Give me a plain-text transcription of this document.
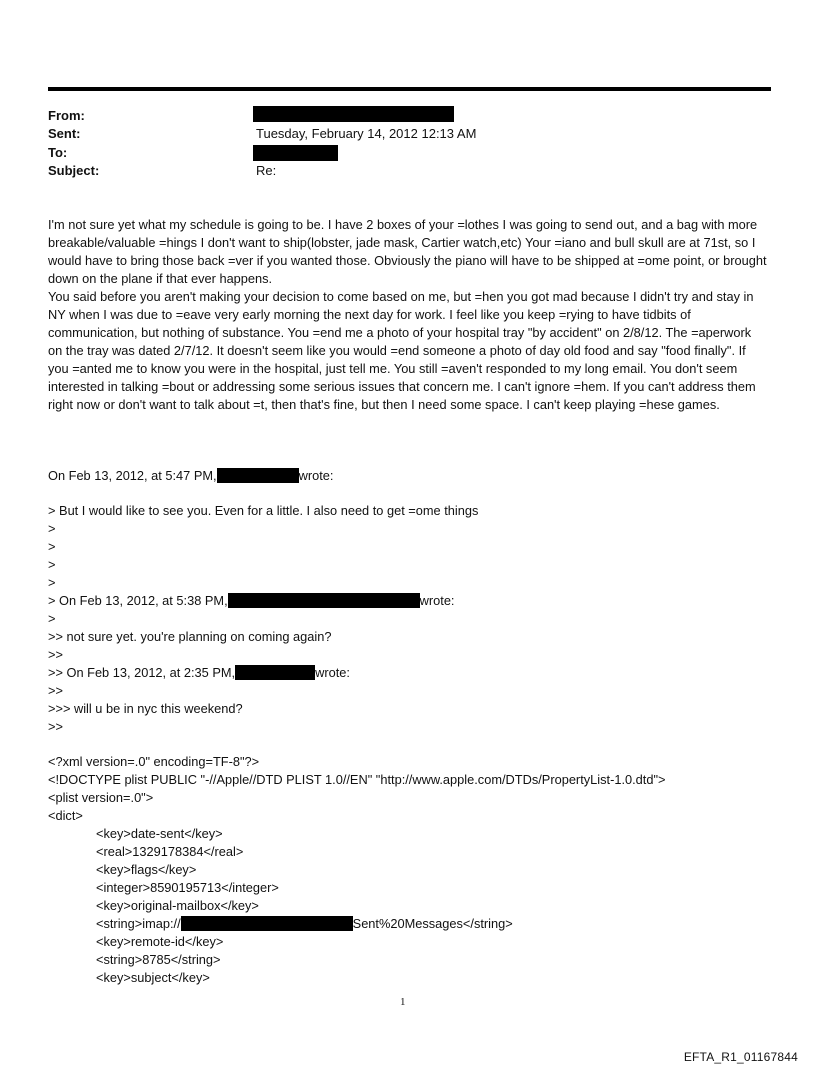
From:
Sent:	Tuesday, February 14, 2012 12:13 AM
To:
Subject:	Re:
I'm not sure yet what my schedule is going to be. I have 2 boxes of your =lothes I was going to send out, and a bag with more breakable/valuable =hings I don't want to ship(lobster, jade mask, Cartier watch,etc) Your =iano and bull skull are at 71st, so I would have to bring those back =ver if you wanted those. Obviously the piano will have to be shipped at =ome point, or brought down on the plane if that ever happens.
You said before you aren't making your decision to come based on me, but =hen you got mad because I didn't try and stay in NY when I was due to =eave very early morning the next day for work. I feel like you keep =rying to have tidbits of communication, but nothing of substance. You =end me a photo of your hospital tray "by accident" on 2/8/12. The =aperwork on the tray was dated 2/7/12. It doesn't seem like you would =end someone a photo of day old food and say "food finally". If you =anted me to know you were in the hospital, just tell me. You still =aven't responded to my long email. You don't seem interested in talking =bout or addressing some serious issues that concern me. I can't ignore =hem. If you can't address them right now or don't want to talk about =t, then that's fine, but then I need some space. I can't keep playing =hese games.
On Feb 13, 2012, at 5:47 PM,	wrote:
> But I would like to see you. Even for a little. I also need to get =ome things
>
>
>
>
> On Feb 13, 2012, at 5:38 PM,	wrote:
>
>> not sure yet. you're planning on coming again?
>>
>> On Feb 13, 2012, at 2:35 PM,	wrote:
>>
>>> will u be in nyc this weekend?
>>
<?xml version=.0" encoding=TF-8"?>
<!DOCTYPE plist PUBLIC "-//Apple//DTD PLIST 1.0//EN" "http://www.apple.com/DTDs/PropertyList-1.0.dtd">
<plist version=.0">
<dict>
<key>date-sent</key>
<real>1329178384</real>
<key>flags</key>
<integer>8590195713</integer>
<key>original-mailbox</key>
<string>imap://	Sent%20Messages</string>
<key>remote-id</key>
<string>8785</string>
<key>subject</key>
1
EFTA_R1_01167844
